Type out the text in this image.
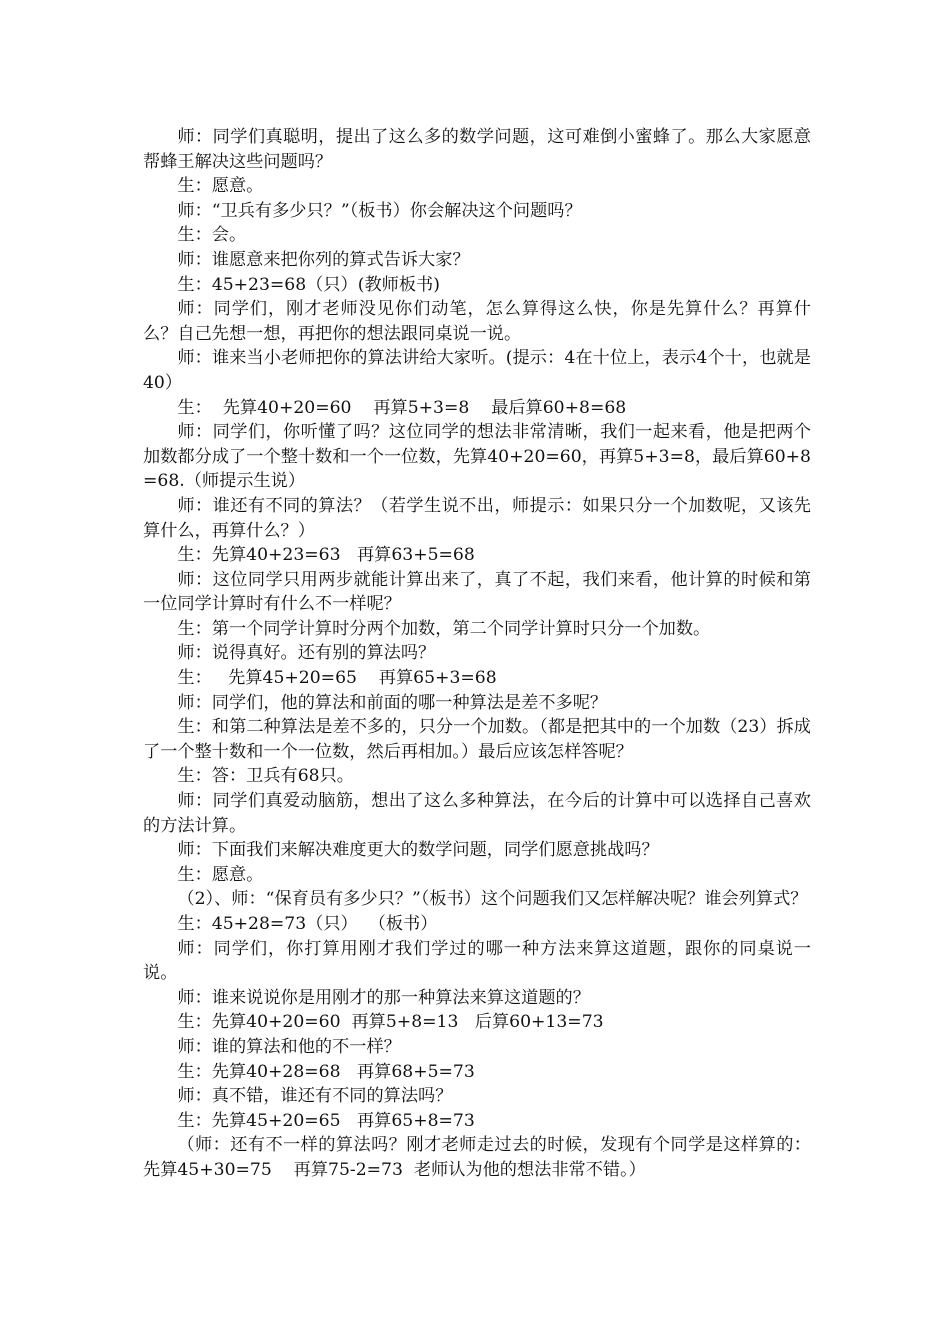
师：同学们真聪明，提出了这么多的数学问题，这可难倒小蜜蜂了。那么大家愿意帮蜂王解决这些问题吗？

生：愿意。

师：“卫兵有多少只？”（板书）你会解决这个问题吗？

生：会。

师：谁愿意来把你列的算式告诉大家？

生：45+23=68（只）(教师板书)

师：同学们，刚才老师没见你们动笔，怎么算得这么快，你是先算什么？再算什么？自己先想一想，再把你的想法跟同桌说一说。

师：谁来当小老师把你的算法讲给大家听。(提示：4在十位上，表示4个十，也就是40）

生：  先算40+20=60    再算5+3=8    最后算60+8=68

师：同学们，你听懂了吗？这位同学的想法非常清晰，我们一起来看，他是把两个加数都分成了一个整十数和一个一位数，先算40+20=60，再算5+3=8，最后算60+8=68.（师提示生说）

师：谁还有不同的算法？（若学生说不出，师提示：如果只分一个加数呢，又该先算什么，再算什么？）

生：先算40+23=63   再算63+5=68

师：这位同学只用两步就能计算出来了，真了不起，我们来看，他计算的时候和第一位同学计算时有什么不一样呢？

生：第一个同学计算时分两个加数，第二个同学计算时只分一个加数。

师：说得真好。还有别的算法吗？

生：   先算45+20=65    再算65+3=68

师：同学们，他的算法和前面的哪一种算法是差不多呢？

生：和第二种算法是差不多的，只分一个加数。（都是把其中的一个加数（23）拆成了一个整十数和一个一位数，然后再相加。）最后应该怎样答呢？

生：答：卫兵有68只。

师：同学们真爱动脑筋，想出了这么多种算法，在今后的计算中可以选择自己喜欢的方法计算。

师：下面我们来解决难度更大的数学问题，同学们愿意挑战吗？

生：愿意。

（2）、师：“保育员有多少只？”（板书）这个问题我们又怎样解决呢？谁会列算式？

生：45+28=73（只）  （板书）

师：同学们，你打算用刚才我们学过的哪一种方法来算这道题，跟你的同桌说一说。

师：谁来说说你是用刚才的那一种算法来算这道题的？

生：先算40+20=60  再算5+8=13   后算60+13=73

师：谁的算法和他的不一样？

生：先算40+28=68   再算68+5=73

师：真不错，谁还有不同的算法吗？

生：先算45+20=65   再算65+8=73

（师：还有不一样的算法吗？刚才老师走过去的时候，发现有个同学是这样算的：先算45+30=75    再算75-2=73  老师认为他的想法非常不错。）
